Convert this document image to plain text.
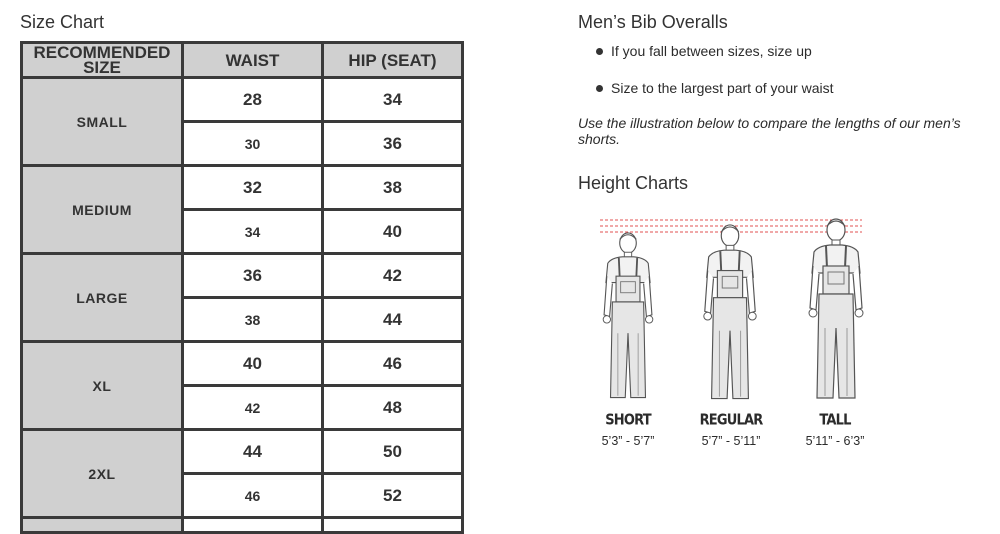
Size Chart
RECOMMENDED SIZE	WAIST	HIP (SEAT)
SMALL	28	34
	30	36
MEDIUM	32	38
	34	40
LARGE	36	42
	38	44
XL	40	46
	42	48
2XL	44	50
	46	52

Men’s Bib Overalls
If you fall between sizes, size up
Size to the largest part of your waist
Use the illustration below to compare the lengths of our men’s shorts.
Height Charts
SHORT
5’3” - 5’7”
REGULAR
5’7” - 5’11”
TALL
5’11” - 6’3”
